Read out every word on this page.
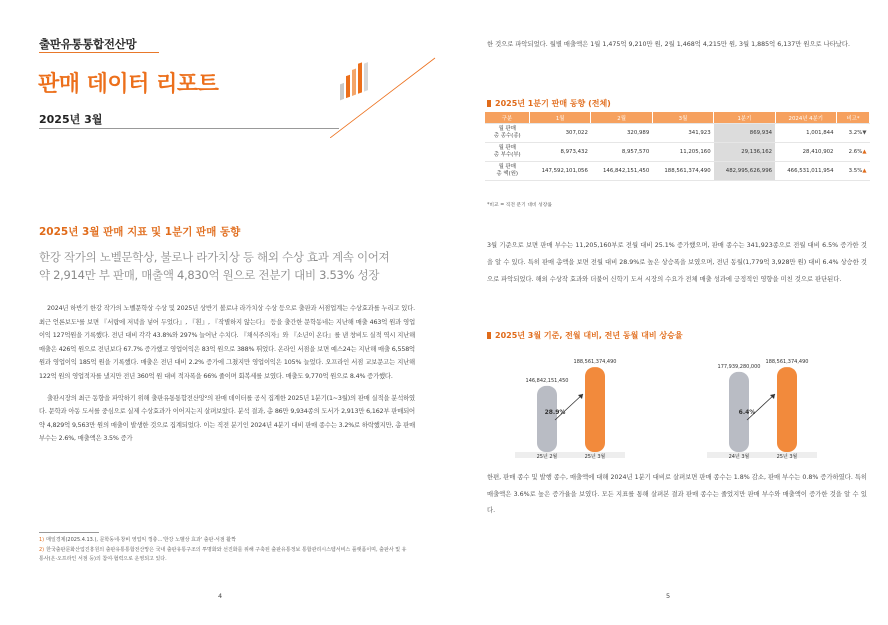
출판유통통합전산망
판매 데이터 리포트
2025년 3월
2025년 3월 판매 지표 및 1분기 판매 동향
한강 작가의 노벨문학상, 불로나 라가치상 등 해외 수상 효과 계속 이어져
약 2,914만 부 판매, 매출액 4,830억 원으로 전분기 대비 3.53% 성장

2024년 하반기 한강 작가의 노벨문학상 수상 및 2025년 상반기 볼로냐 라가치상 수상 등으로 출판과 서점업계는 수상효과를 누리고 있다. 최근 언론보도¹를 보면 『서랍에 저녁을 넣어 두었다』, 『흰』, 『작별하지 않는다』 등을 출간한 문학동네는 지난해 매출 463억 원과 영업이익 127억원을 기록했다. 전년 대비 각각 43.8%와 297% 늘어난 수치다. 『채식주의자』와 『소년이 온다』를 낸 창비도 실적 역시 지난해 매출은 426억 원으로 전년보다 67.7% 증가했고 영업이익은 83억 원으로 388% 뛰었다. 온라인 서점을 보면 예스24는 지난해 매출 6,558억 원과 영업이익 185억 원을 기록했다. 매출은 전년 대비 2.2% 증가에 그쳤지만 영업이익은 105% 늘었다. 오프라인 서점 교보문고는 지난해 122억 원의 영업적자를 냈지만 전년 360억 원 대비 적자폭을 66% 줄이며 회복세를 보였다. 매출도 9,770억 원으로 8.4% 증가했다.

출판시장의 최근 동향을 파악하기 위해 출판유통통합전산망²의 판매 데이터를 공식 집계한 2025년 1분기(1~3월)의 판매 실적을 분석하였다. 문학과 아동 도서를 중심으로 실제 수상효과가 이어지는지 살펴보았다. 분석 결과, 총 86만 9,934종의 도서가 2,913만 6,162부 판매되어 약 4,829억 9,563만 원의 매출이 발생한 것으로 집계되었다. 이는 직전 분기인 2024년 4분기 대비 판매 종수는 3.2%로 하락했지만, 총 판매 부수는 2.6%, 매출액은 3.5% 증가

1) 매일경제(2025.4.13.), 문학동네·창비 영업익 껑충…'한강 노벨상 효과' 출판·서점 활짝
2) 한국출판문화산업진흥원의 출판유통통합전산망은 국내 출판유통구조의 투명화와 선진화를 위해 구축된 출판유통정보 통합관리시스템서비스 플랫폼이며, 출판사 및 유통사(온·오프라인 서점 등)의 참여·협력으로 운영되고 있다.
4
한 것으로 파악되었다. 월별 매출액은 1월 1,475억 9,210만 원, 2월 1,468억 4,215만 원, 3월 1,885억 6,137만 원으로 나타났다.
2025년 1분기 판매 동향 (전체)
구분	1월	2월	3월	1분기	2024년 4분기	비고*
월 판매
총 종수(종)	307,022	320,989	341,923	869,934	1,001,844	3.2%▼
월 판매
총 부수(부)	8,973,432	8,957,570	11,205,160	29,136,162	28,410,902	2.6%▲
월 판매
총 액(원)	147,592,101,056	146,842,151,450	188,561,374,490	482,995,626,996	466,531,011,954	3.5%▲
*비교 = 직전 분기 대비 성장률
3월 기준으로 보면 판매 부수는 11,205,160부로 전월 대비 25.1% 증가했으며, 판매 종수는 341,923종으로 전월 대비 6.5% 증가한 것을 알 수 있다. 특히 판매 총액을 보면 전월 대비 28.9%로 높은 상승폭을 보였으며, 전년 동월(1,779억 3,928만 원) 대비 6.4% 상승한 것으로 파악되었다. 해외 수상작 효과와 더불어 신학기 도서 시장의 수요가 전체 매출 성과에 긍정적인 영향을 미친 것으로 판단된다.
2025년 3월 기준, 전월 대비, 전년 동월 대비 상승율
146,842,151,450
25년 2월
188,561,374,490
25년 3월
28.9%
177,939,280,000
24년 3월
188,561,374,490
25년 3월
6.4%
한편, 판매 종수 및 발행 종수, 매출액에 대해 2024년 1분기 대비로 살펴보면 판매 종수는 1.8% 감소, 판매 부수는 0.8% 증가하였다. 특히 매출액은 3.6%로 높은 증가율을 보였다. 모든 지표를 통해 살펴본 결과 판매 종수는 줄었지만 판매 부수와 매출액이 증가한 것을 알 수 있다.
5
